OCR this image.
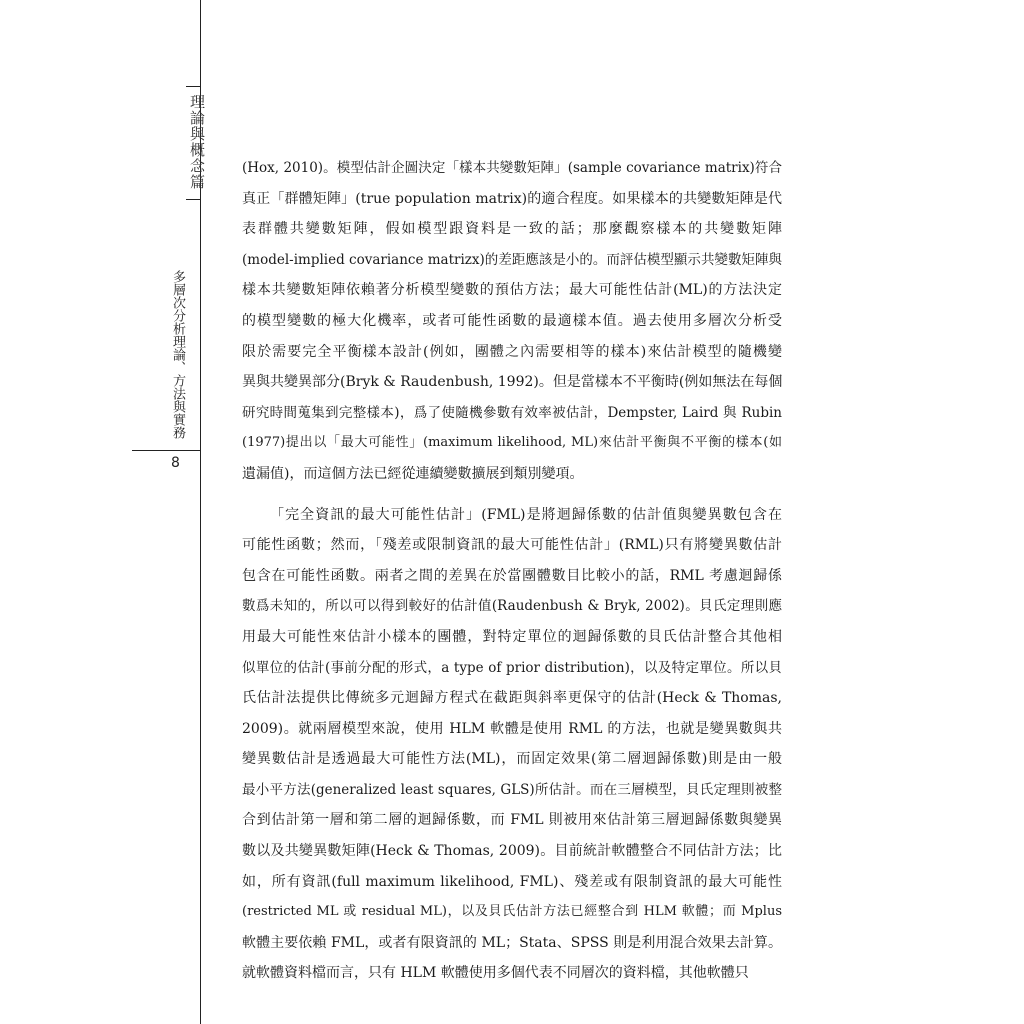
理論與概念篇
多層次分析理論、方法與實務
8
(Hox, 2010)。模型估計企圖決定「樣本共變數矩陣」(sample covariance matrix)符合
真正「群體矩陣」(true population matrix)的適合程度。如果樣本的共變數矩陣是代
表群體共變數矩陣，假如模型跟資料是一致的話；那麼觀察樣本的共變數矩陣
(model-implied covariance matrizx)的差距應該是小的。而評估模型顯示共變數矩陣與
樣本共變數矩陣依賴著分析模型變數的預估方法；最大可能性估計(ML)的方法決定
的模型變數的極大化機率，或者可能性函數的最適樣本值。過去使用多層次分析受
限於需要完全平衡樣本設計(例如，團體之內需要相等的樣本)來估計模型的隨機變
異與共變異部分(Bryk & Raudenbush, 1992)。但是當樣本不平衡時(例如無法在每個
研究時間蒐集到完整樣本)，爲了使隨機參數有效率被估計，Dempster, Laird 與 Rubin
(1977)提出以「最大可能性」(maximum likelihood, ML)來估計平衡與不平衡的樣本(如
遺漏值)，而這個方法已經從連續變數擴展到類別變項。
「完全資訊的最大可能性估計」(FML)是將迴歸係數的估計值與變異數包含在
可能性函數；然而，「殘差或限制資訊的最大可能性估計」(RML)只有將變異數估計
包含在可能性函數。兩者之間的差異在於當團體數目比較小的話，RML 考慮迴歸係
數爲未知的，所以可以得到較好的估計值(Raudenbush & Bryk, 2002)。貝氏定理則應
用最大可能性來估計小樣本的團體，對特定單位的迴歸係數的貝氏估計整合其他相
似單位的估計(事前分配的形式，a type of prior distribution)，以及特定單位。所以貝
氏估計法提供比傳統多元迴歸方程式在截距與斜率更保守的估計(Heck & Thomas,
2009)。就兩層模型來說，使用 HLM 軟體是使用 RML 的方法，也就是變異數與共
變異數估計是透過最大可能性方法(ML)，而固定效果(第二層迴歸係數)則是由一般
最小平方法(generalized least squares, GLS)所估計。而在三層模型，貝氏定理則被整
合到估計第一層和第二層的迴歸係數，而 FML 則被用來估計第三層迴歸係數與變異
數以及共變異數矩陣(Heck & Thomas, 2009)。目前統計軟體整合不同估計方法；比
如，所有資訊(full maximum likelihood, FML)、殘差或有限制資訊的最大可能性
(restricted ML 或 residual ML)，以及貝氏估計方法已經整合到 HLM 軟體；而 Mplus
軟體主要依賴 FML，或者有限資訊的 ML；Stata、SPSS 則是利用混合效果去計算。
就軟體資料檔而言，只有 HLM 軟體使用多個代表不同層次的資料檔，其他軟體只
